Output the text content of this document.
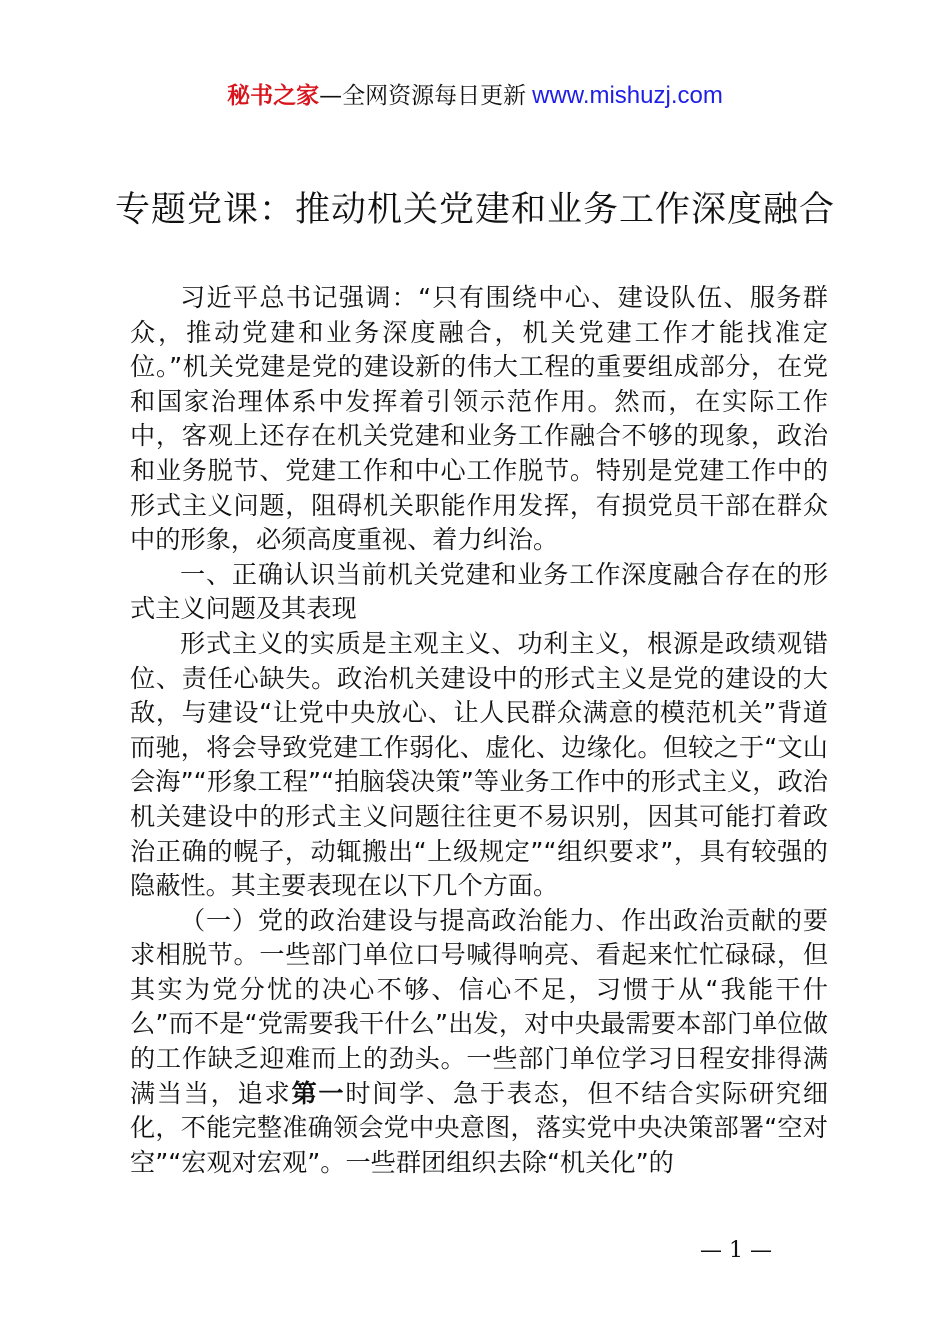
秘书之家—全网资源每日更新 www.mishuzj.com
专题党课：推动机关党建和业务工作深度融合

习近平总书记强调：“只有围绕中心、建设队伍、服务群众，推动党建和业务深度融合，机关党建工作才能找准定位。”机关党建是党的建设新的伟大工程的重要组成部分，在党和国家治理体系中发挥着引领示范作用。然而，在实际工作中，客观上还存在机关党建和业务工作融合不够的现象，政治和业务脱节、党建工作和中心工作脱节。特别是党建工作中的形式主义问题，阻碍机关职能作用发挥，有损党员干部在群众中的形象，必须高度重视、着力纠治。

一、正确认识当前机关党建和业务工作深度融合存在的形式主义问题及其表现

形式主义的实质是主观主义、功利主义，根源是政绩观错位、责任心缺失。政治机关建设中的形式主义是党的建设的大敌，与建设“让党中央放心、让人民群众满意的模范机关”背道而驰，将会导致党建工作弱化、虚化、边缘化。但较之于“文山会海”“形象工程”“拍脑袋决策”等业务工作中的形式主义，政治机关建设中的形式主义问题往往更不易识别，因其可能打着政治正确的幌子，动辄搬出“上级规定”“组织要求”，具有较强的隐蔽性。其主要表现在以下几个方面。

（一）党的政治建设与提高政治能力、作出政治贡献的要求相脱节。一些部门单位口号喊得响亮、看起来忙忙碌碌，但其实为党分忧的决心不够、信心不足，习惯于从“我能干什么”而不是“党需要我干什么”出发，对中央最需要本部门单位做的工作缺乏迎难而上的劲头。一些部门单位学习日程安排得满满当当，追求第一时间学、急于表态，但不结合实际研究细化，不能完整准确领会党中央意图，落实党中央决策部署“空对空”“宏观对宏观”。一些群团组织去除“机关化”的

— 1 —
